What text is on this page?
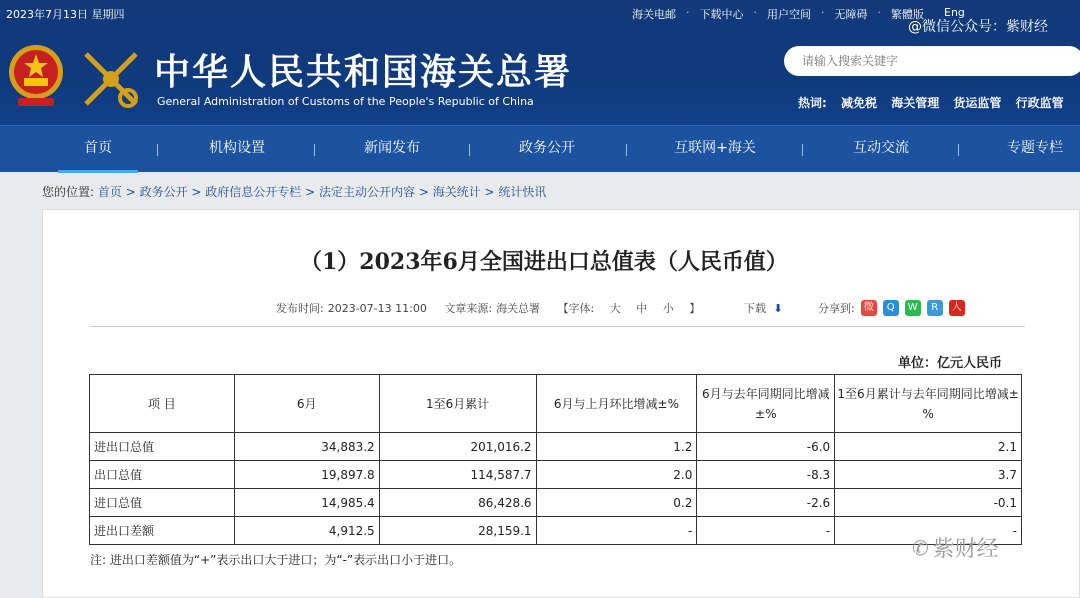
2023年7月13日 星期四	海关电邮 · 下载中心 · 用户空间 · 无障碍 · 繁體版	Eng
@微信公众号：紫财经
中华人民共和国海关总署
General Administration of Customs of the People's Republic of China
请输入搜索关键字
热词: 减免税 海关管理 货运监管 行政监管
首页	机构设置	新闻发布	政务公开	互联网+海关	互动交流	专题专栏
您的位置: 首页 > 政务公开 > 政府信息公开专栏 > 法定主动公开内容 > 海关统计 > 统计快讯
（1）2023年6月全国进出口总值表（人民币值）
发布时间: 2023-07-13 11:00 文章来源: 海关总署 【字体: 大 中 小 】	下载 ⬇	分享到: 微	Q	W	R	人
单位：亿元人民币
项 目	6月	1至6月累计	6月与上月环比增减±%	6月与去年同期同比增减±%	1至6月累计与去年同期同比增减±%
进出口总值	34,883.2	201,016.2	1.2	-6.0	2.1
出口总值	19,897.8	114,587.7	2.0	-8.3	3.7
进口总值	14,985.4	86,428.6	0.2	-2.6	-0.1
进出口差额	4,912.5	28,159.1	-	-	-
注: 进出口差额值为“+”表示出口大于进口；为“-”表示出口小于进口。
✆ 紫财经
